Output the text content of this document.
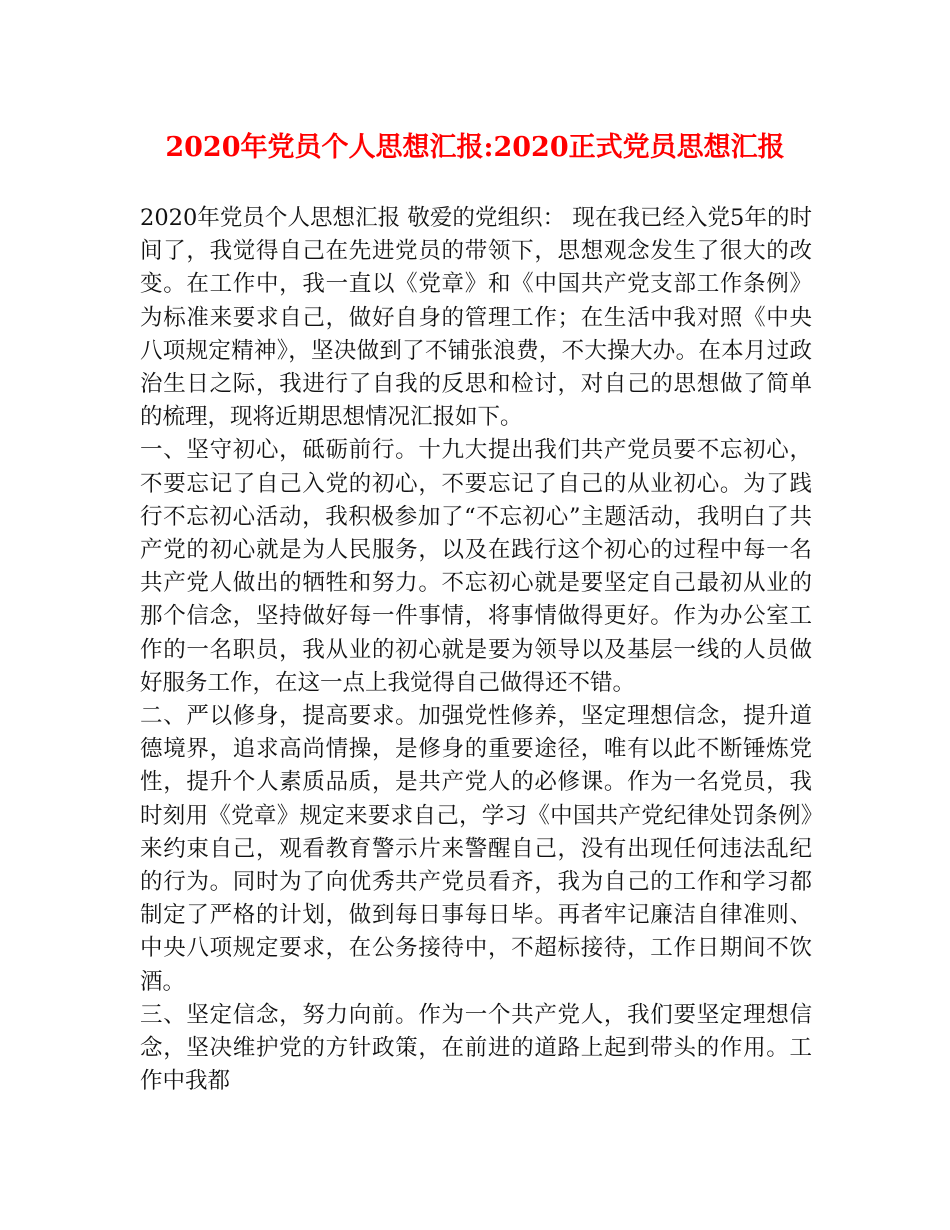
2020年党员个人思想汇报:2020正式党员思想汇报

2020年党员个人思想汇报 敬爱的党组织： 现在我已经入党5年的时间了，我觉得自己在先进党员的带领下，思想观念发生了很大的改变。在工作中，我一直以《党章》和《中国共产党支部工作条例》为标准来要求自己，做好自身的管理工作；在生活中我对照《中央八项规定精神》，坚决做到了不铺张浪费，不大操大办。在本月过政治生日之际，我进行了自我的反思和检讨，对自己的思想做了简单的梳理，现将近期思想情况汇报如下。

一、坚守初心，砥砺前行。十九大提出我们共产党员要不忘初心，不要忘记了自己入党的初心，不要忘记了自己的从业初心。为了践行不忘初心活动，我积极参加了“不忘初心”主题活动，我明白了共产党的初心就是为人民服务，以及在践行这个初心的过程中每一名共产党人做出的牺牲和努力。不忘初心就是要坚定自己最初从业的那个信念，坚持做好每一件事情，将事情做得更好。作为办公室工作的一名职员，我从业的初心就是要为领导以及基层一线的人员做好服务工作，在这一点上我觉得自己做得还不错。

二、严以修身，提高要求。加强党性修养，坚定理想信念，提升道德境界，追求高尚情操，是修身的重要途径，唯有以此不断锤炼党性，提升个人素质品质，是共产党人的必修课。作为一名党员，我时刻用《党章》规定来要求自己，学习《中国共产党纪律处罚条例》来约束自己，观看教育警示片来警醒自己，没有出现任何违法乱纪的行为。同时为了向优秀共产党员看齐，我为自己的工作和学习都制定了严格的计划，做到每日事每日毕。再者牢记廉洁自律准则、中央八项规定要求，在公务接待中，不超标接待，工作日期间不饮酒。

三、坚定信念，努力向前。作为一个共产党人，我们要坚定理想信念，坚决维护党的方针政策，在前进的道路上起到带头的作用。工作中我都
